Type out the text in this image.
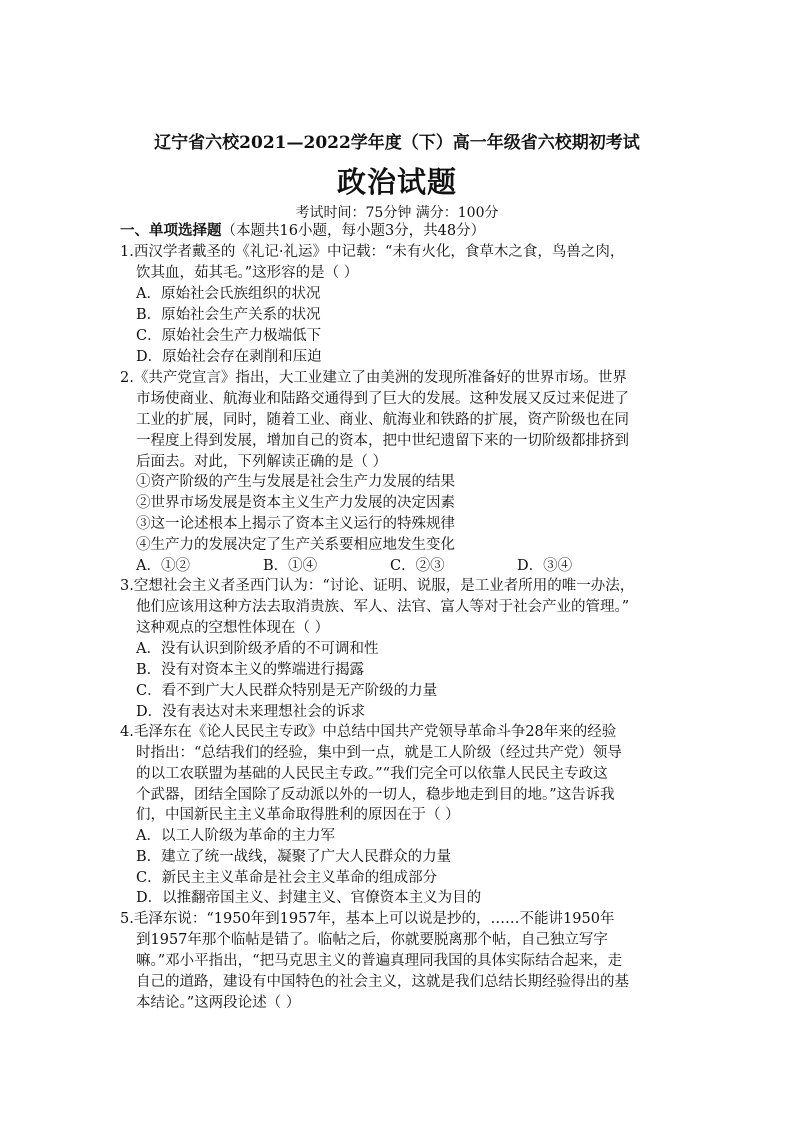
辽宁省六校2021—2022学年度（下）高一年级省六校期初考试
政治试题
考试时间：75分钟 满分：100分
一、单项选择题（本题共16小题，每小题3分，共48分）
1.西汉学者戴圣的《礼记·礼运》中记载：“未有火化，食草木之食，鸟兽之肉，
饮其血，茹其毛。”这形容的是（ ）
A．原始社会氏族组织的状况
B．原始社会生产关系的状况
C．原始社会生产力极端低下
D．原始社会存在剥削和压迫
2.《共产党宣言》指出，大工业建立了由美洲的发现所准备好的世界市场。世界
市场使商业、航海业和陆路交通得到了巨大的发展。这种发展又反过来促进了
工业的扩展，同时，随着工业、商业、航海业和铁路的扩展，资产阶级也在同
一程度上得到发展，增加自己的资本，把中世纪遗留下来的一切阶级都排挤到
后面去。对此，下列解读正确的是（ ）
①资产阶级的产生与发展是社会生产力发展的结果
②世界市场发展是资本主义生产力发展的决定因素
③这一论述根本上揭示了资本主义运行的特殊规律
④生产力的发展决定了生产关系要相应地发生变化
A．①②	B．①④	C．②③	D．③④
3.空想社会主义者圣西门认为：“讨论、证明、说服，是工业者所用的唯一办法，
他们应该用这种方法去取消贵族、军人、法官、富人等对于社会产业的管理。”
这种观点的空想性体现在（ ）
A．没有认识到阶级矛盾的不可调和性
B．没有对资本主义的弊端进行揭露
C．看不到广大人民群众特别是无产阶级的力量
D．没有表达对未来理想社会的诉求
4.毛泽东在《论人民民主专政》中总结中国共产党领导革命斗争28年来的经验
时指出：“总结我们的经验，集中到一点，就是工人阶级（经过共产党）领导
的以工农联盟为基础的人民民主专政。”“我们完全可以依靠人民民主专政这
个武器，团结全国除了反动派以外的一切人，稳步地走到目的地。”这告诉我
们，中国新民主主义革命取得胜利的原因在于（ ）
A．以工人阶级为革命的主力军
B．建立了统一战线，凝聚了广大人民群众的力量
C．新民主主义革命是社会主义革命的组成部分
D．以推翻帝国主义、封建主义、官僚资本主义为目的
5.毛泽东说：“1950年到1957年，基本上可以说是抄的，……不能讲1950年
到1957年那个临帖是错了。临帖之后，你就要脱离那个帖，自己独立写字
嘛。”邓小平指出，“把马克思主义的普遍真理同我国的具体实际结合起来，走
自己的道路，建设有中国特色的社会主义，这就是我们总结长期经验得出的基
本结论。”这两段论述（ ）
